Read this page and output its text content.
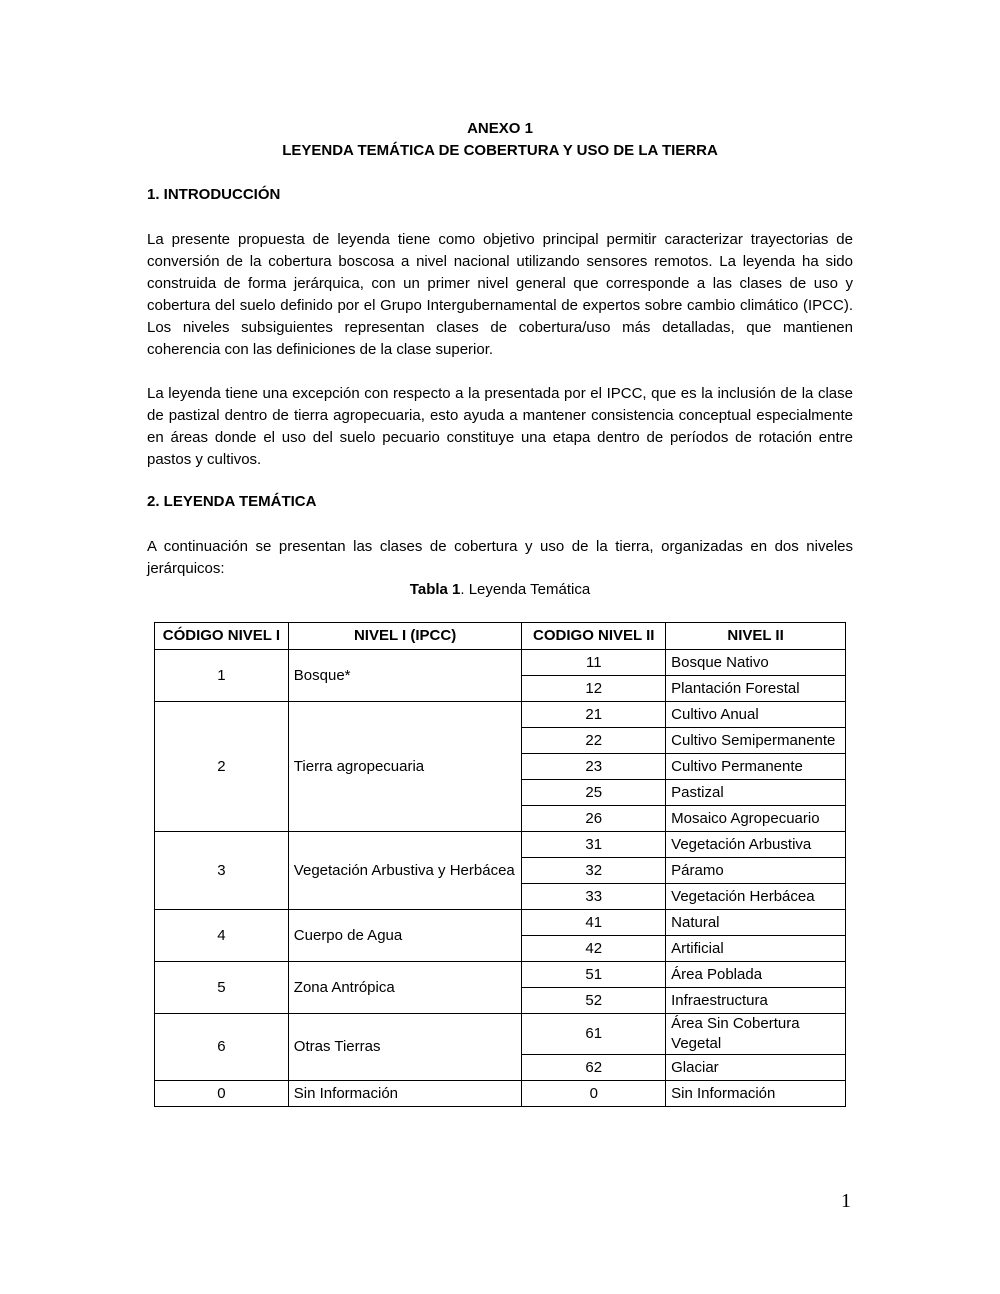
ANEXO 1
LEYENDA TEMÁTICA DE COBERTURA Y USO DE LA TIERRA
1. INTRODUCCIÓN

La presente propuesta de leyenda tiene como objetivo principal permitir caracterizar trayectorias de conversión de la cobertura boscosa a nivel nacional utilizando sensores remotos. La leyenda ha sido construida de forma jerárquica, con un primer nivel general que corresponde a las clases de uso y cobertura del suelo definido por el Grupo Intergubernamental de expertos sobre cambio climático (IPCC). Los niveles subsiguientes representan clases de cobertura/uso más detalladas, que mantienen coherencia con las definiciones de la clase superior.

La leyenda tiene una excepción con respecto a la presentada por el IPCC, que es la inclusión de la clase de pastizal dentro de tierra agropecuaria, esto ayuda a mantener consistencia conceptual especialmente en áreas donde el uso del suelo pecuario constituye una etapa dentro de períodos de rotación entre pastos y cultivos.

2. LEYENDA TEMÁTICA

A continuación se presentan las clases de cobertura y uso de la tierra, organizadas en dos niveles jerárquicos:

Tabla 1. Leyenda Temática
CÓDIGO NIVEL I	NIVEL I (IPCC)	CODIGO NIVEL II	NIVEL II
1	Bosque*	11	Bosque Nativo
		12	Plantación Forestal
2	Tierra agropecuaria	21	Cultivo Anual
		22	Cultivo Semipermanente
		23	Cultivo Permanente
		25	Pastizal
		26	Mosaico Agropecuario
3	Vegetación Arbustiva y Herbácea	31	Vegetación Arbustiva
		32	Páramo
		33	Vegetación Herbácea
4	Cuerpo de Agua	41	Natural
		42	Artificial
5	Zona Antrópica	51	Área Poblada
		52	Infraestructura
6	Otras Tierras	61	Área Sin Cobertura Vegetal
		62	Glaciar
0	Sin Información	0	Sin Información
1
